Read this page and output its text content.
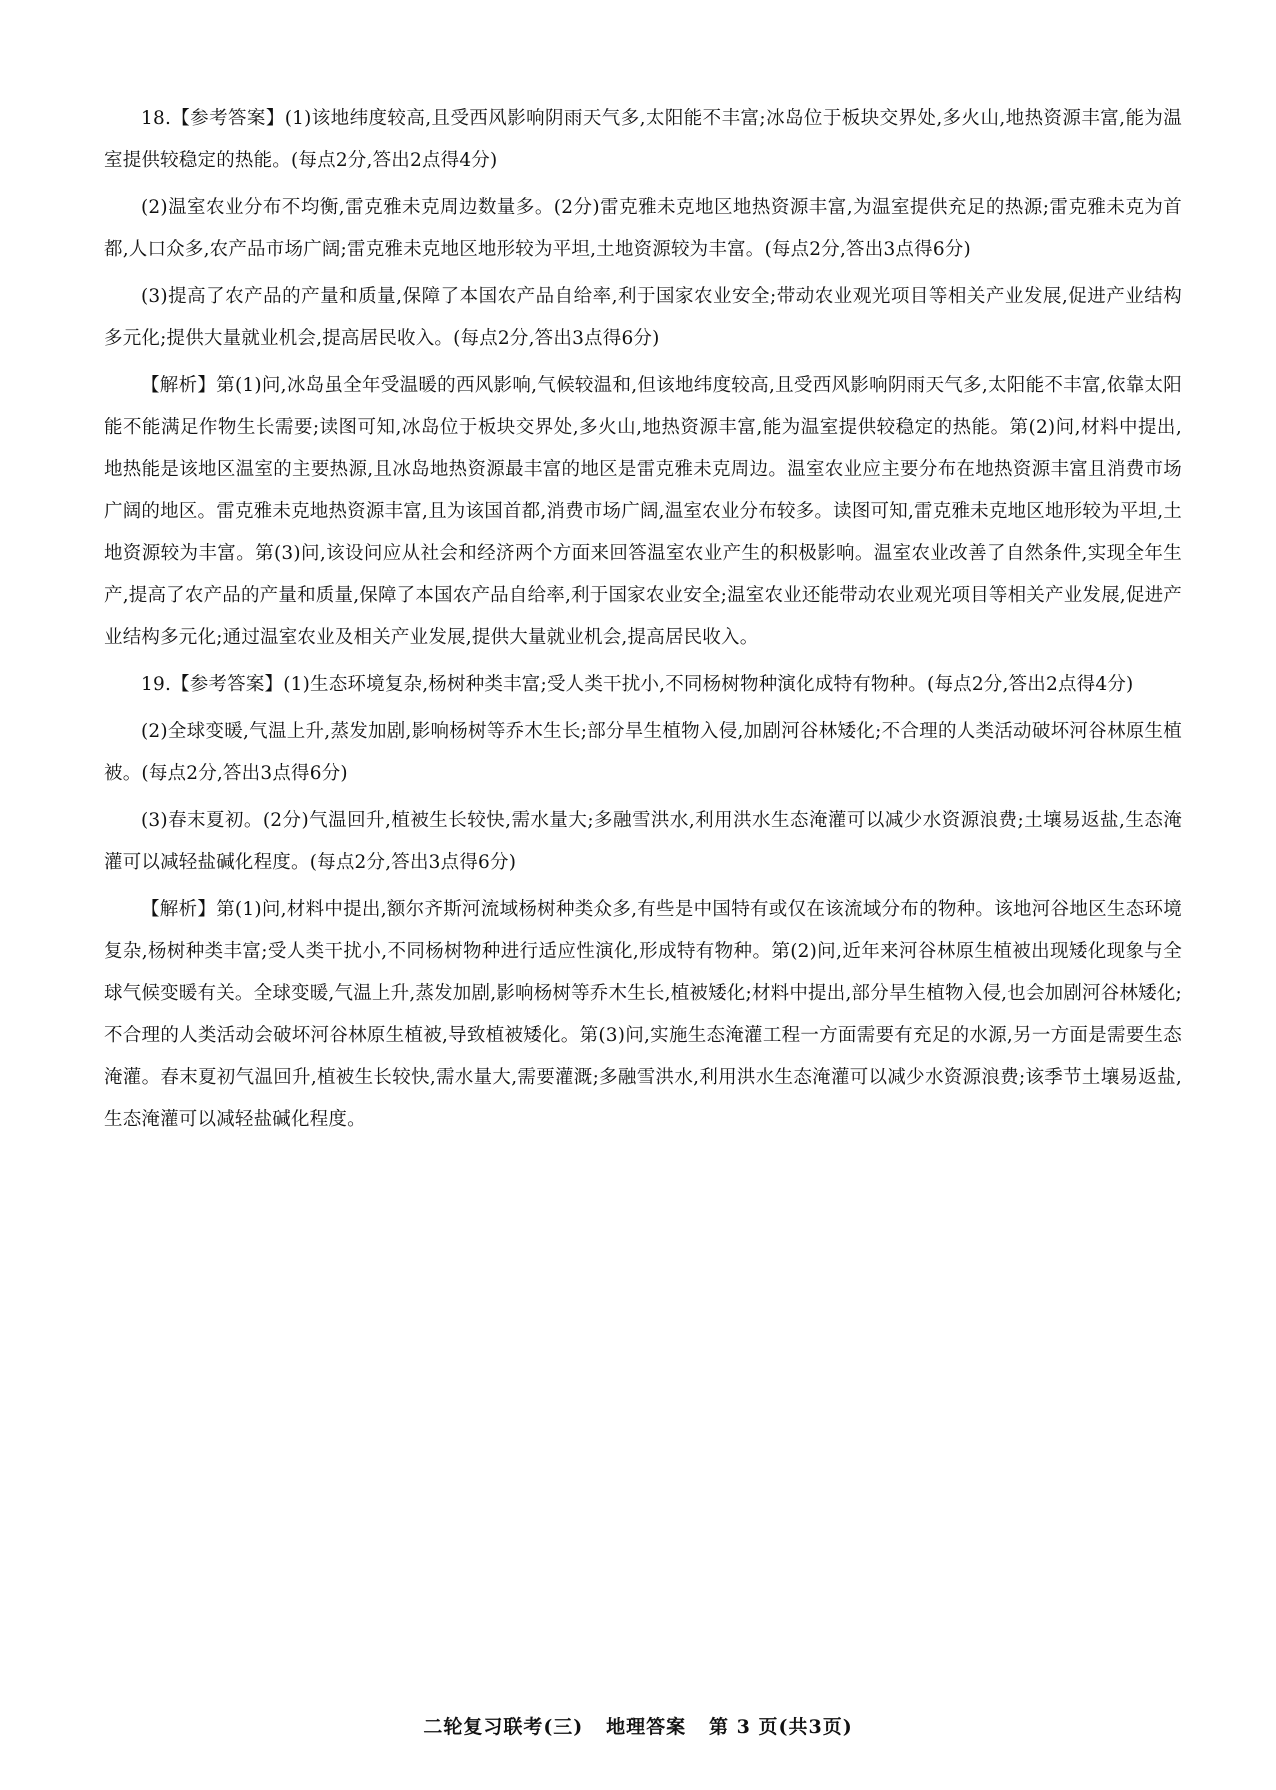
18.【参考答案】(1)该地纬度较高,且受西风影响阴雨天气多,太阳能不丰富;冰岛位于板块交界处,多火山,地热资源丰富,能为温室提供较稳定的热能。(每点2分,答出2点得4分)

(2)温室农业分布不均衡,雷克雅未克周边数量多。(2分)雷克雅未克地区地热资源丰富,为温室提供充足的热源;雷克雅未克为首都,人口众多,农产品市场广阔;雷克雅未克地区地形较为平坦,土地资源较为丰富。(每点2分,答出3点得6分)

(3)提高了农产品的产量和质量,保障了本国农产品自给率,利于国家农业安全;带动农业观光项目等相关产业发展,促进产业结构多元化;提供大量就业机会,提高居民收入。(每点2分,答出3点得6分)

【解析】第(1)问,冰岛虽全年受温暖的西风影响,气候较温和,但该地纬度较高,且受西风影响阴雨天气多,太阳能不丰富,依靠太阳能不能满足作物生长需要;读图可知,冰岛位于板块交界处,多火山,地热资源丰富,能为温室提供较稳定的热能。第(2)问,材料中提出,地热能是该地区温室的主要热源,且冰岛地热资源最丰富的地区是雷克雅未克周边。温室农业应主要分布在地热资源丰富且消费市场广阔的地区。雷克雅未克地热资源丰富,且为该国首都,消费市场广阔,温室农业分布较多。读图可知,雷克雅未克地区地形较为平坦,土地资源较为丰富。第(3)问,该设问应从社会和经济两个方面来回答温室农业产生的积极影响。温室农业改善了自然条件,实现全年生产,提高了农产品的产量和质量,保障了本国农产品自给率,利于国家农业安全;温室农业还能带动农业观光项目等相关产业发展,促进产业结构多元化;通过温室农业及相关产业发展,提供大量就业机会,提高居民收入。

19.【参考答案】(1)生态环境复杂,杨树种类丰富;受人类干扰小,不同杨树物种演化成特有物种。(每点2分,答出2点得4分)

(2)全球变暖,气温上升,蒸发加剧,影响杨树等乔木生长;部分旱生植物入侵,加剧河谷林矮化;不合理的人类活动破坏河谷林原生植被。(每点2分,答出3点得6分)

(3)春末夏初。(2分)气温回升,植被生长较快,需水量大;多融雪洪水,利用洪水生态淹灌可以减少水资源浪费;土壤易返盐,生态淹灌可以减轻盐碱化程度。(每点2分,答出3点得6分)

【解析】第(1)问,材料中提出,额尔齐斯河流域杨树种类众多,有些是中国特有或仅在该流域分布的物种。该地河谷地区生态环境复杂,杨树种类丰富;受人类干扰小,不同杨树物种进行适应性演化,形成特有物种。第(2)问,近年来河谷林原生植被出现矮化现象与全球气候变暖有关。全球变暖,气温上升,蒸发加剧,影响杨树等乔木生长,植被矮化;材料中提出,部分旱生植物入侵,也会加剧河谷林矮化;不合理的人类活动会破坏河谷林原生植被,导致植被矮化。第(3)问,实施生态淹灌工程一方面需要有充足的水源,另一方面是需要生态淹灌。春末夏初气温回升,植被生长较快,需水量大,需要灌溉;多融雪洪水,利用洪水生态淹灌可以减少水资源浪费;该季节土壤易返盐,生态淹灌可以减轻盐碱化程度。

二轮复习联考(三) 地理答案 第 3 页(共3页)
